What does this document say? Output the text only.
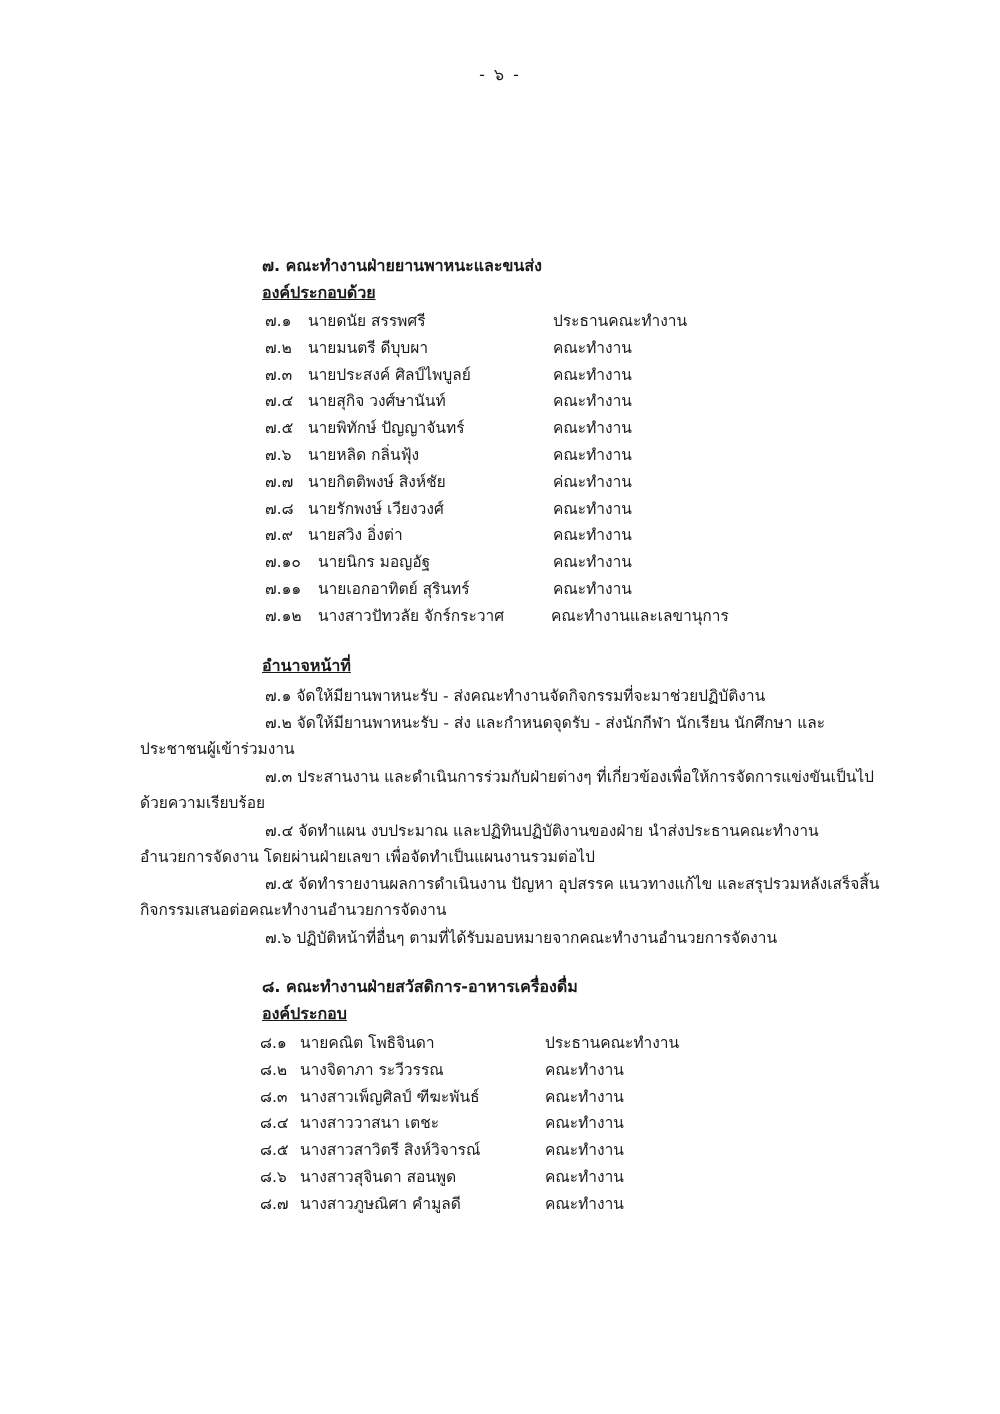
- ๖ -
๗. คณะทำงานฝ่ายยานพาหนะและขนส่ง
องค์ประกอบด้วย
๗.๑ นายดนัย สรรพศรี	ประธานคณะทำงาน
๗.๒ นายมนตรี ดีบุบผา	คณะทำงาน
๗.๓ นายประสงค์ ศิลป์ไพบูลย์	คณะทำงาน
๗.๔ นายสุกิจ วงศ์ษานันท์	คณะทำงาน
๗.๕ นายพิทักษ์ ปัญญาจันทร์	คณะทำงาน
๗.๖ นายหลิด กลิ่นฟุ้ง	คณะทำงาน
๗.๗ นายกิตติพงษ์ สิงห์ชัย	ค่ณะทำงาน
๗.๘ นายรักพงษ์ เวียงวงศ์	คณะทำงาน
๗.๙ นายสวิง อิ่งต่า	คณะทำงาน
๗.๑๐ นายนิกร มอญอัฐ	คณะทำงาน
๗.๑๑ นายเอกอาทิตย์ สุรินทร์	คณะทำงาน
๗.๑๒ นางสาวปัทวลัย จักร์กระวาศ	คณะทำงานและเลขานุการ
อำนาจหน้าที่
๗.๑ จัดให้มียานพาหนะรับ - ส่งคณะทำงานจัดกิจกรรมที่จะมาช่วยปฏิบัติงาน
๗.๒ จัดให้มียานพาหนะรับ - ส่ง และกำหนดจุดรับ - ส่งนักกีฬา นักเรียน นักศึกษา และ
ประชาชนผู้เข้าร่วมงาน
๗.๓ ประสานงาน และดำเนินการร่วมกับฝ่ายต่างๆ ที่เกี่ยวข้องเพื่อให้การจัดการแข่งขันเป็นไป
ด้วยความเรียบร้อย
๗.๔ จัดทำแผน งบประมาณ และปฏิทินปฏิบัติงานของฝ่าย นำส่งประธานคณะทำงาน
อำนวยการจัดงาน โดยผ่านฝ่ายเลขา เพื่อจัดทำเป็นแผนงานรวมต่อไป
๗.๕ จัดทำรายงานผลการดำเนินงาน ปัญหา อุปสรรค แนวทางแก้ไข และสรุปรวมหลังเสร็จสิ้น
กิจกรรมเสนอต่อคณะทำงานอำนวยการจัดงาน
๗.๖ ปฏิบัติหน้าที่อื่นๆ ตามที่ได้รับมอบหมายจากคณะทำงานอำนวยการจัดงาน
๘. คณะทำงานฝ่ายสวัสดิการ-อาหารเครื่องดื่ม
องค์ประกอบ
๘.๑ นายคณิต โพธิจินดา	ประธานคณะทำงาน
๘.๒ นางจิดาภา ระวีวรรณ	คณะทำงาน
๘.๓ นางสาวเพ็ญศิลป์ ฑีฆะพันธ์	คณะทำงาน
๘.๔ นางสาววาสนา เตชะ	คณะทำงาน
๘.๕ นางสาวสาวิตรี สิงห์วิจารณ์	คณะทำงาน
๘.๖ นางสาวสุจินดา สอนพูด	คณะทำงาน
๘.๗ นางสาวภูษณิศา คำมูลดี	คณะทำงาน
